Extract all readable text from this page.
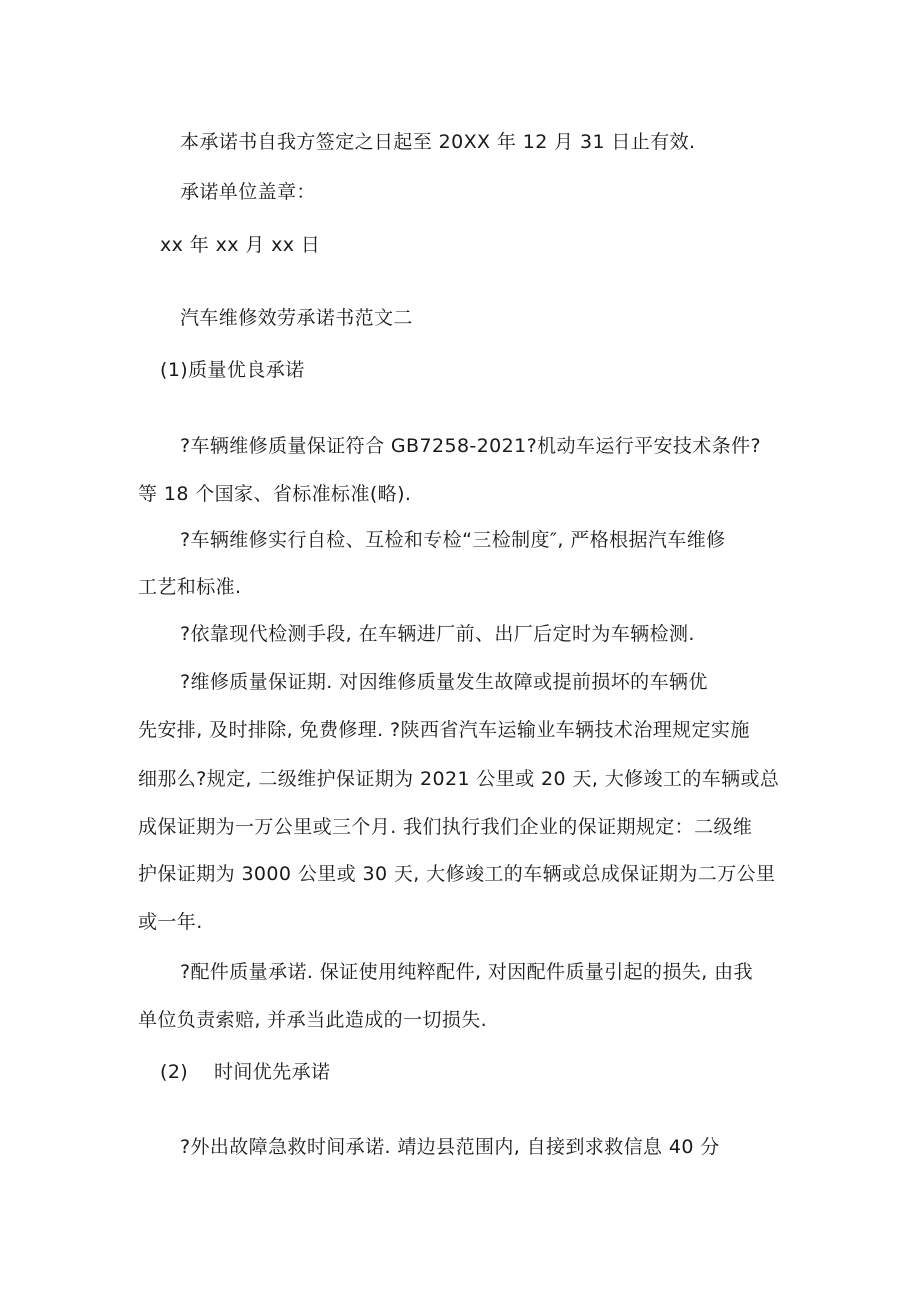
本承诺书自我方签定之日起至 20XX 年 12 月 31 日止有效.
承诺单位盖章：
xx 年 xx 月 xx 日
汽车维修效劳承诺书范文二
(1)质量优良承诺
?车辆维修质量保证符合 GB7258-2021?机动车运行平安技术条件?
等 18 个国家、省标准标准(略).
?车辆维修实行自检、互检和专检“三检制度″, 严格根据汽车维修
工艺和标准.
?依靠现代检测手段, 在车辆进厂前、出厂后定时为车辆检测.
?维修质量保证期. 对因维修质量发生故障或提前损坏的车辆优
先安排, 及时排除, 免费修理. ?陕西省汽车运输业车辆技术治理规定实施
细那么?规定, 二级维护保证期为 2021 公里或 20 天, 大修竣工的车辆或总
成保证期为一万公里或三个月. 我们执行我们企业的保证期规定：二级维
护保证期为 3000 公里或 30 天, 大修竣工的车辆或总成保证期为二万公里
或一年.
?配件质量承诺. 保证使用纯粹配件, 对因配件质量引起的损失, 由我
单位负责索赔, 并承当此造成的一切损失.
(2) 时间优先承诺
?外出故障急救时间承诺. 靖边县范围内, 自接到求救信息 40 分
